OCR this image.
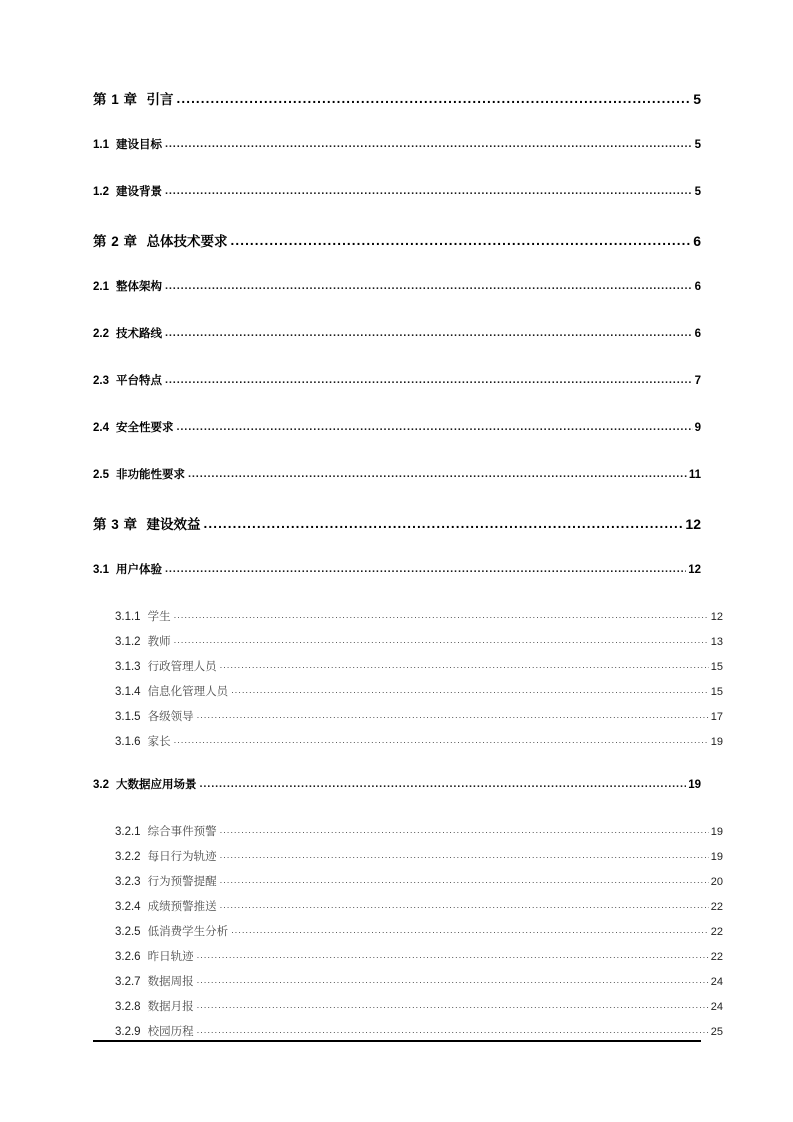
第 1 章 引言 .....	5
1.1 建设目标 .....	5
1.2 建设背景 .....	5
第 2 章 总体技术要求 .....	6
2.1 整体架构 .....	6
2.2 技术路线 .....	6
2.3 平台特点 .....	7
2.4 安全性要求 .....	9
2.5 非功能性要求 .....	11
第 3 章 建设效益 .....	12
3.1 用户体验 .....	12
3.1.1 学生 .....	12
3.1.2 教师 .....	13
3.1.3 行政管理人员 .....	15
3.1.4 信息化管理人员 .....	15
3.1.5 各级领导 .....	17
3.1.6 家长 .....	19
3.2 大数据应用场景 .....	19
3.2.1 综合事件预警 .....	19
3.2.2 每日行为轨迹 .....	19
3.2.3 行为预警提醒 .....	20
3.2.4 成绩预警推送 .....	22
3.2.5 低消费学生分析 .....	22
3.2.6 昨日轨迹 .....	22
3.2.7 数据周报 .....	24
3.2.8 数据月报 .....	24
3.2.9 校园历程 .....	25
